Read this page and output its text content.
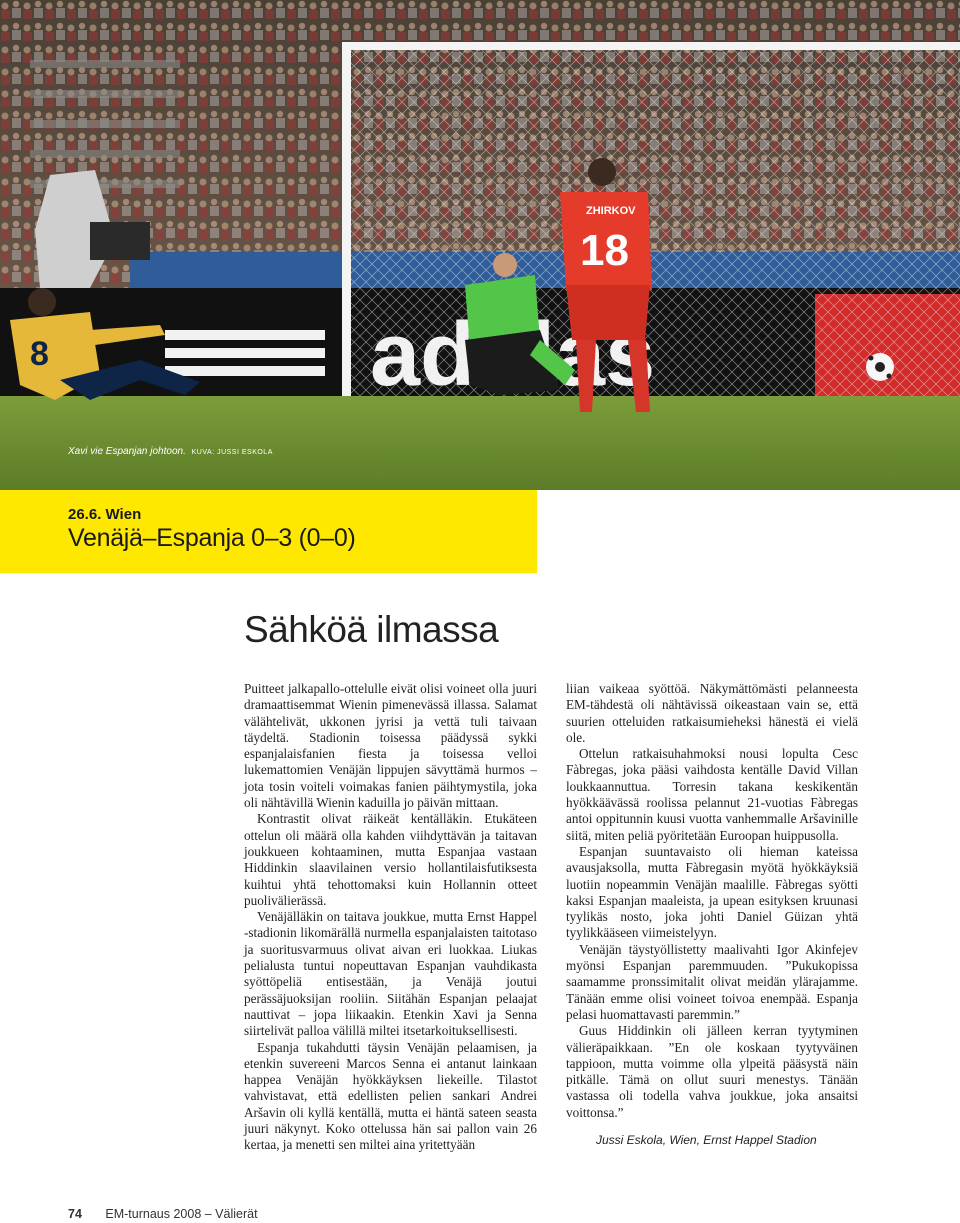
8
ZHIRKOV
18
Xavi vie Espanjan johtoon. KUVA: JUSSI ESKOLA
26.6. Wien
Venäjä–Espanja 0–3 (0–0)
Sähköä ilmassa

Puitteet jalkapallo-ottelulle eivät olisi voineet olla juuri dramaattisemmat Wienin pimenevässä illassa. Salamat välähtelivät, ukkonen jyrisi ja vettä tuli taivaan täydeltä. Stadionin toisessa päädyssä sykki espanjalaisfanien fiesta ja toisessa velloi lukemattomien Venäjän lippujen sävyttämä hurmos – jota tosin voiteli voimakas fanien päihtymystila, joka oli nähtävillä Wienin kaduilla jo päivän mittaan.

Kontrastit olivat räikeät kentälläkin. Etukäteen ottelun oli määrä olla kahden viihdyttävän ja taitavan joukkueen kohtaaminen, mutta Espanjaa vastaan Hiddinkin slaavilainen versio hollantilaisfutiksesta kuihtui yhtä tehottomaksi kuin Hollannin otteet puolivälierässä.

Venäjälläkin on taitava joukkue, mutta Ernst Happel -stadionin likomärällä nurmella espanjalaisten taitotaso ja suoritusvarmuus olivat aivan eri luokkaa. Liukas pelialusta tuntui nopeuttavan Espanjan vauhdikasta syöttöpeliä entisestään, ja Venäjä joutui perässäjuoksijan rooliin. Siitähän Espanjan pelaajat nauttivat – jopa liikaakin. Etenkin Xavi ja Senna siirtelivät palloa välillä miltei itsetarkoituksellisesti.

Espanja tukahdutti täysin Venäjän pelaamisen, ja etenkin suvereeni Marcos Senna ei antanut lainkaan happea Venäjän hyökkäyksen liekeille. Tilastot vahvistavat, että edellisten pelien sankari Andrei Aršavin oli kyllä kentällä, mutta ei häntä sateen seasta juuri näkynyt. Koko ottelussa hän sai pallon vain 26 kertaa, ja menetti sen miltei aina yritettyään

liian vaikeaa syöttöä. Näkymättömästi pelanneesta EM-tähdestä oli nähtävissä oikeastaan vain se, että suurien otteluiden ratkaisumieheksi hänestä ei vielä ole.

Ottelun ratkaisuhahmoksi nousi lopulta Cesc Fàbregas, joka pääsi vaihdosta kentälle David Villan loukkaannuttua. Torresin takana keskikentän hyökkäävässä roolissa pelannut 21-vuotias Fàbregas antoi oppitunnin kuusi vuotta vanhemmalle Aršavinille siitä, miten peliä pyöritetään Euroopan huippusolla.

Espanjan suuntavaisto oli hieman kateissa avausjaksolla, mutta Fàbregasin myötä hyökkäyksiä luotiin nopeammin Venäjän maalille. Fàbregas syötti kaksi Espanjan maaleista, ja upean esityksen kruunasi tyylikäs nosto, joka johti Daniel Güizan yhtä tyylikkääseen viimeistelyyn.

Venäjän täystyöllistetty maalivahti Igor Akinfejev myönsi Espanjan paremmuuden. ”Pukukopissa saamamme pronssimitalit olivat meidän ylärajamme. Tänään emme olisi voineet toivoa enempää. Espanja pelasi huomattavasti paremmin.”

Guus Hiddinkin oli jälleen kerran tyytyminen välieräpaikkaan. ”En ole koskaan tyytyväinen tappioon, mutta voimme olla ylpeitä pääsystä näin pitkälle. Tämä on ollut suuri menestys. Tänään vastassa oli todella vahva joukkue, joka ansaitsi voittonsa.”

Jussi Eskola, Wien, Ernst Happel Stadion
74 EM-turnaus 2008 – Välierät
